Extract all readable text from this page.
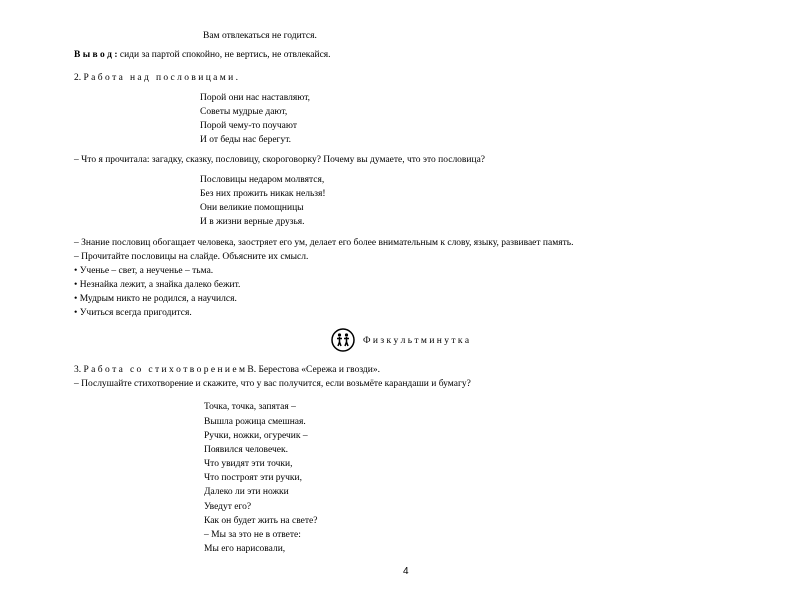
Вам отвлекаться не годится.
В ы в о д : сиди за партой спокойно, не вертись, не отвлекайся.
2. Р а б о т а   н а д   п о с л о в и ц а м и .
Порой они нас наставляют,
Советы мудрые дают,
Порой чему-то поучают
И от беды нас берегут.
– Что я прочитала: загадку, сказку, пословицу, скороговорку? Почему вы думаете, что это пословица?
Пословицы недаром молвятся,
Без них прожить никак нельзя!
Они великие помощницы
И в жизни верные друзья.
– Знание пословиц обогащает человека, заостряет его ум, делает его более внимательным к слову, языку, развивает память.
– Прочитайте пословицы на слайде. Объясните их смысл.
• Ученье – свет, а неученье – тьма.
• Незнайка лежит, а знайка далеко бежит.
• Мудрым никто не родился, а научился.
• Учиться всегда пригодится.
Ф и з к у л ь т м и н у т к а
3. Р а б о т а   с о   с т и х о т в о р е н и е м В. Берестова «Сережа и гвозди».
– Послушайте стихотворение и скажите, что у вас получится, если возьмёте карандаши и бумагу?
Точка, точка, запятая –
Вышла рожица смешная.
Ручки, ножки, огуречик –
Появился человечек.
Что увидят эти точки,
Что построят эти ручки,
Далеко ли эти ножки
Уведут его?
Как он будет жить на свете?
– Мы за это не в ответе:
Мы его нарисовали,
4
